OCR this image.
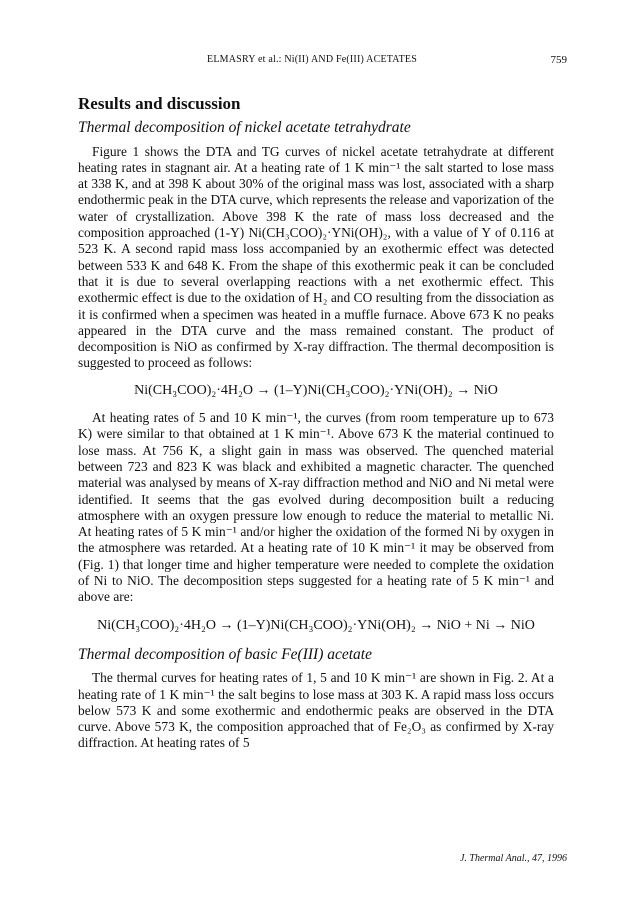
ELMASRY et al.: Ni(II) AND Fe(III) ACETATES	759
Results and discussion
Thermal decomposition of nickel acetate tetrahydrate

Figure 1 shows the DTA and TG curves of nickel acetate tetrahydrate at different heating rates in stagnant air. At a heating rate of 1 K min⁻¹ the salt started to lose mass at 338 K, and at 398 K about 30% of the original mass was lost, associated with a sharp endothermic peak in the DTA curve, which represents the release and vaporization of the water of crystallization. Above 398 K the rate of mass loss decreased and the composition approached (1-Y) Ni(CH₃COO)₂·YNi(OH)₂, with a value of Y of 0.116 at 523 K. A second rapid mass loss accompanied by an exothermic effect was detected between 533 K and 648 K. From the shape of this exothermic peak it can be concluded that it is due to several overlapping reactions with a net exothermic effect. This exothermic effect is due to the oxidation of H₂ and CO resulting from the dissociation as it is confirmed when a specimen was heated in a muffle furnace. Above 673 K no peaks appeared in the DTA curve and the mass remained constant. The product of decomposition is NiO as confirmed by X-ray diffraction. The thermal decomposition is suggested to proceed as follows:

Ni(CH₃COO)₂·4H₂O → (1–Y)Ni(CH₃COO)₂·YNi(OH)₂ → NiO

At heating rates of 5 and 10 K min⁻¹, the curves (from room temperature up to 673 K) were similar to that obtained at 1 K min⁻¹. Above 673 K the material continued to lose mass. At 756 K, a slight gain in mass was observed. The quenched material between 723 and 823 K was black and exhibited a magnetic character. The quenched material was analysed by means of X-ray diffraction method and NiO and Ni metal were identified. It seems that the gas evolved during decomposition built a reducing atmosphere with an oxygen pressure low enough to reduce the material to metallic Ni. At heating rates of 5 K min⁻¹ and/or higher the oxidation of the formed Ni by oxygen in the atmosphere was retarded. At a heating rate of 10 K min⁻¹ it may be observed from (Fig. 1) that longer time and higher temperature were needed to complete the oxidation of Ni to NiO. The decomposition steps suggested for a heating rate of 5 K min⁻¹ and above are:

Ni(CH₃COO)₂·4H₂O → (1–Y)Ni(CH₃COO)₂·YNi(OH)₂ → NiO + Ni → NiO
Thermal decomposition of basic Fe(III) acetate

The thermal curves for heating rates of 1, 5 and 10 K min⁻¹ are shown in Fig. 2. At a heating rate of 1 K min⁻¹ the salt begins to lose mass at 303 K. A rapid mass loss occurs below 573 K and some exothermic and endothermic peaks are observed in the DTA curve. Above 573 K, the composition approached that of Fe₂O₃ as confirmed by X-ray diffraction. At heating rates of 5

J. Thermal Anal., 47, 1996
